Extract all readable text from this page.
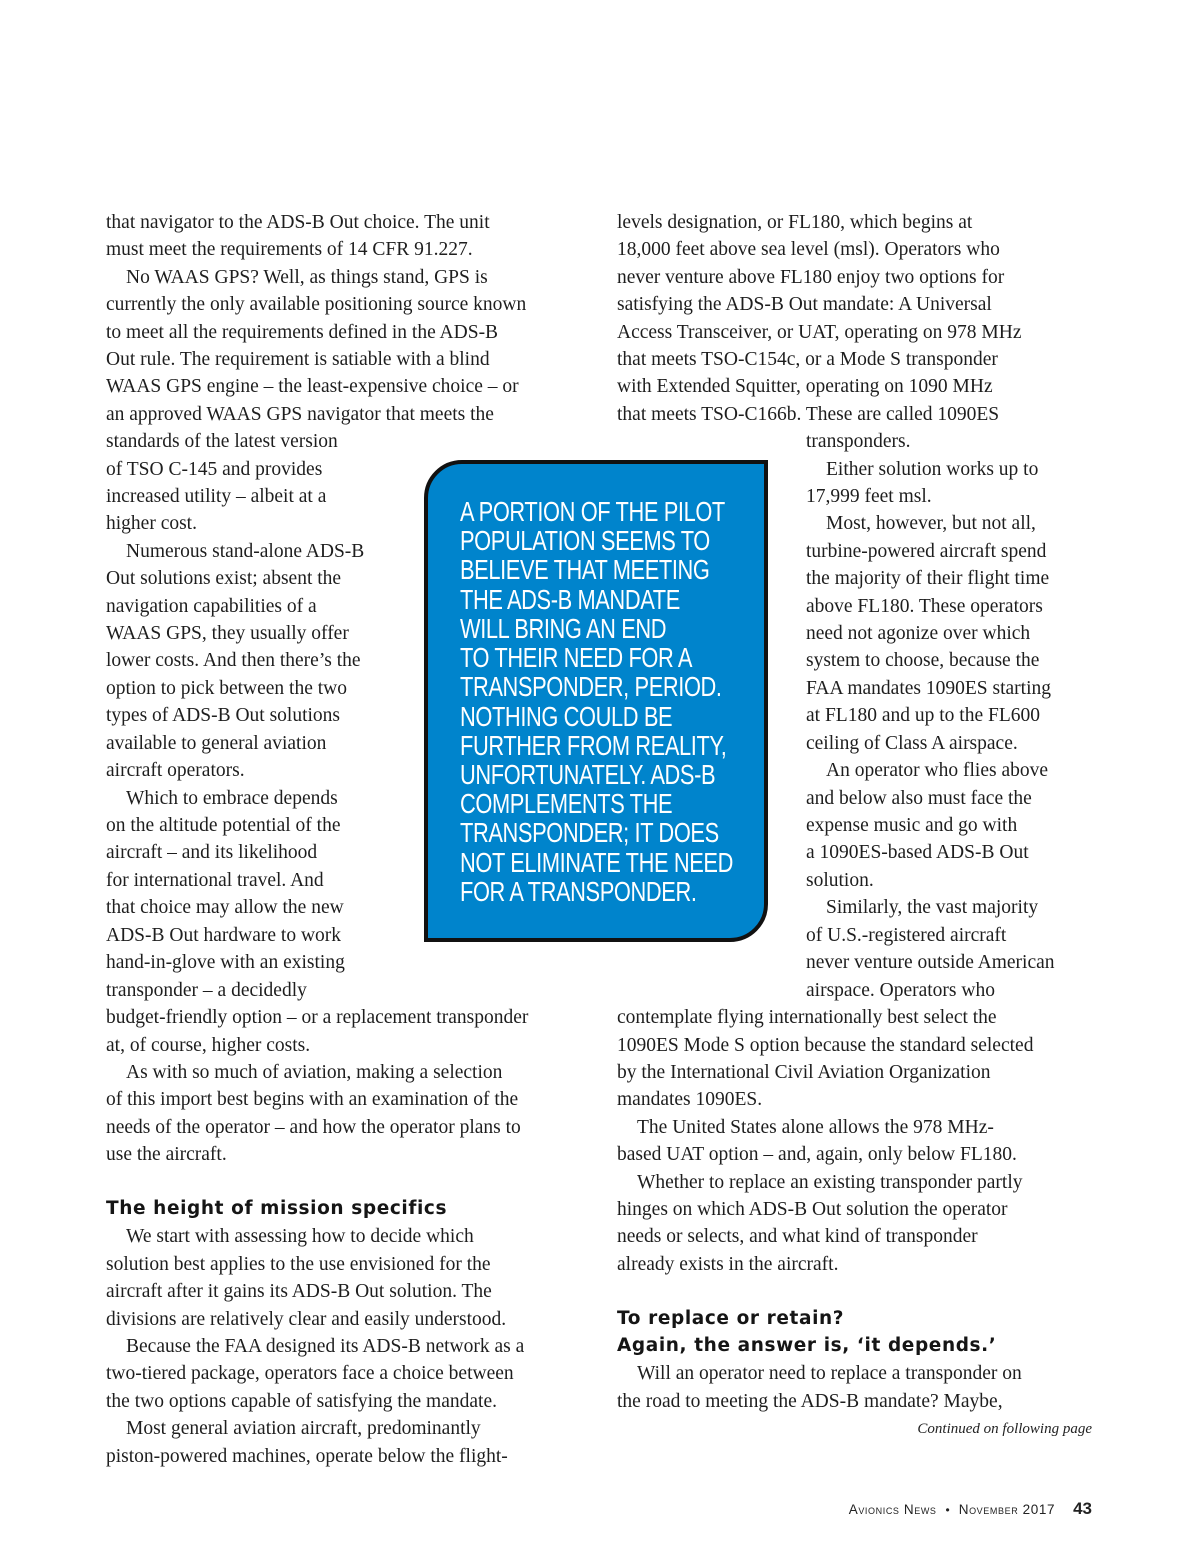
that navigator to the ADS-B Out choice. The unit
must meet the requirements of 14 CFR 91.227.
No WAAS GPS? Well, as things stand, GPS is
currently the only available positioning source known
to meet all the requirements defined in the ADS-B
Out rule. The requirement is satiable with a blind
WAAS GPS engine – the least-expensive choice – or
an approved WAAS GPS navigator that meets the
standards of the latest version
of TSO C-145 and provides
increased utility – albeit at a
higher cost.
Numerous stand-alone ADS-B
Out solutions exist; absent the
navigation capabilities of a
WAAS GPS, they usually offer
lower costs. And then there’s the
option to pick between the two
types of ADS-B Out solutions
available to general aviation
aircraft operators.
Which to embrace depends
on the altitude potential of the
aircraft – and its likelihood
for international travel. And
that choice may allow the new
ADS-B Out hardware to work
hand-in-glove with an existing
transponder – a decidedly
budget-friendly option – or a replacement transponder
at, of course, higher costs.
As with so much of aviation, making a selection
of this import best begins with an examination of the
needs of the operator – and how the operator plans to
use the aircraft.
The height of mission specifics
We start with assessing how to decide which
solution best applies to the use envisioned for the
aircraft after it gains its ADS-B Out solution. The
divisions are relatively clear and easily understood.
Because the FAA designed its ADS-B network as a
two-tiered package, operators face a choice between
the two options capable of satisfying the mandate.
Most general aviation aircraft, predominantly
piston-powered machines, operate below the flight-
A PORTION OF THE PILOT
POPULATION SEEMS TO
BELIEVE THAT MEETING
THE ADS-B MANDATE
WILL BRING AN END
TO THEIR NEED FOR A
TRANSPONDER, PERIOD.
NOTHING COULD BE
FURTHER FROM REALITY,
UNFORTUNATELY. ADS-B
COMPLEMENTS THE
TRANSPONDER; IT DOES
NOT ELIMINATE THE NEED
FOR A TRANSPONDER.
levels designation, or FL180, which begins at
18,000 feet above sea level (msl). Operators who
never venture above FL180 enjoy two options for
satisfying the ADS-B Out mandate: A Universal
Access Transceiver, or UAT, operating on 978 MHz
that meets TSO-C154c, or a Mode S transponder
with Extended Squitter, operating on 1090 MHz
that meets TSO-C166b. These are called 1090ES
transponders.
Either solution works up to
17,999 feet msl.
Most, however, but not all,
turbine-powered aircraft spend
the majority of their flight time
above FL180. These operators
need not agonize over which
system to choose, because the
FAA mandates 1090ES starting
at FL180 and up to the FL600
ceiling of Class A airspace.
An operator who flies above
and below also must face the
expense music and go with
a 1090ES-based ADS-B Out
solution.
Similarly, the vast majority
of U.S.-registered aircraft
never venture outside American
airspace. Operators who
contemplate flying internationally best select the
1090ES Mode S option because the standard selected
by the International Civil Aviation Organization
mandates 1090ES.
The United States alone allows the 978 MHz-
based UAT option – and, again, only below FL180.
Whether to replace an existing transponder partly
hinges on which ADS-B Out solution the operator
needs or selects, and what kind of transponder
already exists in the aircraft.
To replace or retain?
Again, the answer is, ‘it depends.’
Will an operator need to replace a transponder on
the road to meeting the ADS-B mandate? Maybe,
Continued on following page
Avionics News • November 2017 43
